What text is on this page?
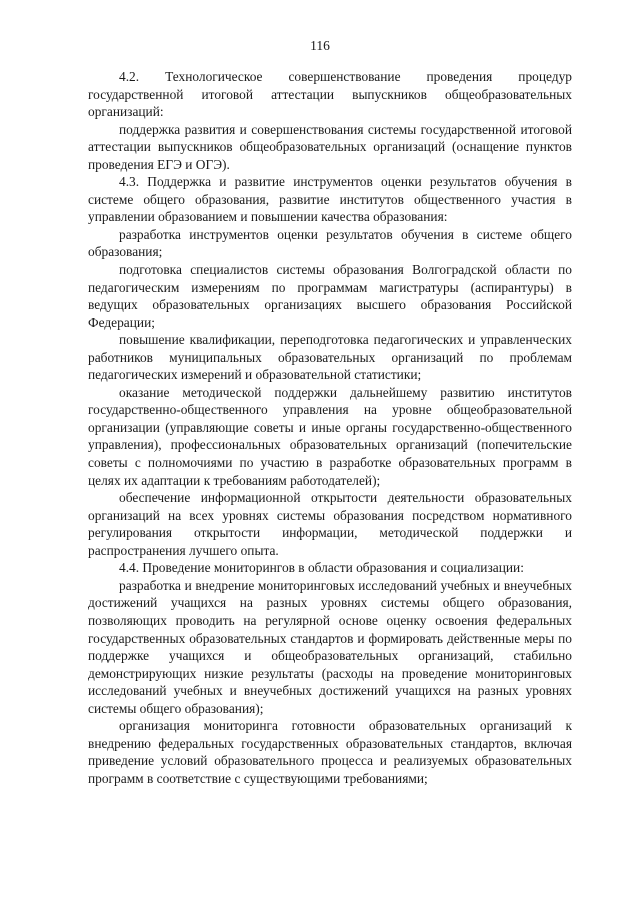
116

4.2. Технологическое совершенствование проведения процедур государственной итоговой аттестации выпускников общеобразовательных организаций:

поддержка развития и совершенствования системы государственной итоговой аттестации выпускников общеобразовательных организаций (оснащение пунктов проведения ЕГЭ и ОГЭ).

4.3. Поддержка и развитие инструментов оценки результатов обучения в системе общего образования, развитие институтов общественного участия в управлении образованием и повышении качества образования:

разработка инструментов оценки результатов обучения в системе общего образования;

подготовка специалистов системы образования Волгоградской области по педагогическим измерениям по программам магистратуры (аспирантуры) в ведущих образовательных организациях высшего образования Российской Федерации;

повышение квалификации, переподготовка педагогических и управленческих работников муниципальных образовательных организаций по проблемам педагогических измерений и образовательной статистики;

оказание методической поддержки дальнейшему развитию институтов государственно-общественного управления на уровне общеобразовательной организации (управляющие советы и иные органы государственно-общественного управления), профессиональных образовательных организаций (попечительские советы с полномочиями по участию в разработке образовательных программ в целях их адаптации к требованиям работодателей);

обеспечение информационной открытости деятельности образовательных организаций на всех уровнях системы образования посредством нормативного регулирования открытости информации, методической поддержки и распространения лучшего опыта.

4.4. Проведение мониторингов в области образования и социализации:

разработка и внедрение мониторинговых исследований учебных и внеучебных достижений учащихся на разных уровнях системы общего образования, позволяющих проводить на регулярной основе оценку освоения федеральных государственных образовательных стандартов и формировать действенные меры по поддержке учащихся и общеобразовательных организаций, стабильно демонстрирующих низкие результаты (расходы на проведение мониторинговых исследований учебных и внеучебных достижений учащихся на разных уровнях системы общего образования);

организация мониторинга готовности образовательных организаций к внедрению федеральных государственных образовательных стандартов, включая приведение условий образовательного процесса и реализуемых образовательных программ в соответствие с существующими требованиями;
